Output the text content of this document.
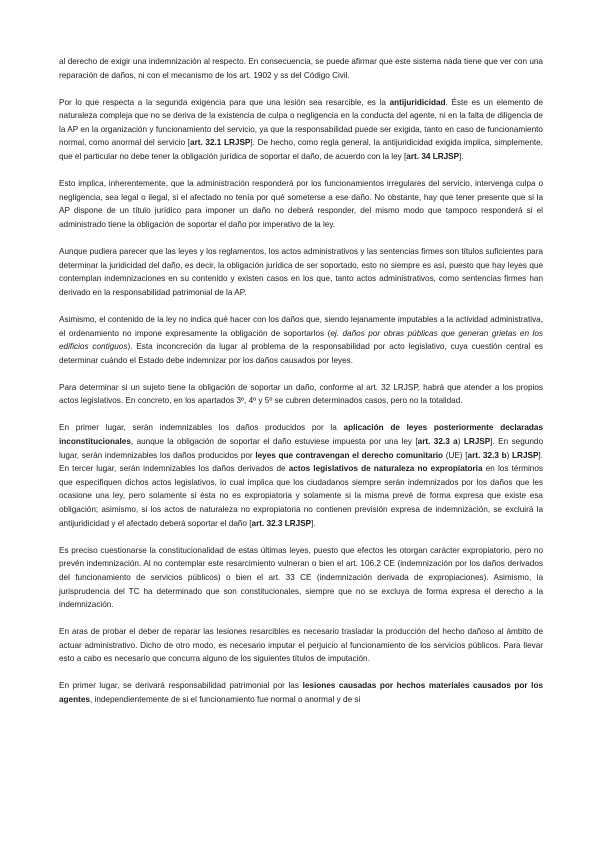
al derecho de exigir una indemnización al respecto. En consecuencia, se puede afirmar que este sistema nada tiene que ver con una reparación de daños, ni con el mecanismo de los art. 1902 y ss del Código Civil.

Por lo que respecta a la segunda exigencia para que una lesión sea resarcible, es la antijuridicidad. Éste es un elemento de naturaleza compleja que no se deriva de la existencia de culpa o negligencia en la conducta del agente, ni en la falta de diligencia de la AP en la organización y funcionamiento del servicio, ya que la responsabilidad puede ser exigida, tanto en caso de funcionamiento normal, como anormal del servicio [art. 32.1 LRJSP]. De hecho, como regla general, la antijuridicidad exigida implica, simplemente, que el particular no debe tener la obligación jurídica de soportar el daño, de acuerdo con la ley [art. 34 LRJSP].

Esto implica, inherentemente, que la administración responderá por los funcionamientos irregulares del servicio, intervenga culpa o negligencia, sea legal o ilegal, si el afectado no tenía por qué someterse a ese daño. No obstante, hay que tener presente que si la AP dispone de un título jurídico para imponer un daño no deberá responder, del mismo modo que tampoco responderá si el administrado tiene la obligación de soportar el daño por imperativo de la ley.

Aunque pudiera parecer que las leyes y los reglamentos, los actos administrativos y las sentencias firmes son títulos suficientes para determinar la juridicidad del daño, es decir, la obligación jurídica de ser soportado, esto no siempre es así, puesto que hay leyes que contemplan indemnizaciones en su contenido y existen casos en los que, tanto actos administrativos, como sentencias firmes han derivado en la responsabilidad patrimonial de la AP.

Asimismo, el contenido de la ley no indica qué hacer con los daños que, siendo lejanamente imputables a la actividad administrativa, el ordenamiento no impone expresamente la obligación de soportarlos (ej. daños por obras públicas que generan grietas en los edificios contiguos). Esta inconcreción da lugar al problema de la responsabilidad por acto legislativo, cuya cuestión central es determinar cuándo el Estado debe indemnizar por los daños causados por leyes.

Para determinar si un sujeto tiene la obligación de soportar un daño, conforme al art. 32 LRJSP, habrá que atender a los propios actos legislativos. En concreto, en los apartados 3º, 4º y 5º se cubren determinados casos, pero no la totalidad.

En primer lugar, serán indemnizables los daños producidos por la aplicación de leyes posteriormente declaradas inconstitucionales, aunque la obligación de soportar el daño estuviese impuesta por una ley [art. 32.3 a) LRJSP]. En segundo lugar, serán indemnizables los daños producidos por leyes que contravengan el derecho comunitario (UE) [art. 32.3 b) LRJSP]. En tercer lugar, serán indemnizables los daños derivados de actos legislativos de naturaleza no expropiatoria en los términos que especifiquen dichos actos legislativos, lo cual implica que los ciudadanos siempre serán indemnizados por los daños que les ocasione una ley, pero solamente si ésta no es expropiatoria y solamente si la misma prevé de forma expresa que existe esa obligación; asimismo, si los actos de naturaleza no expropiatoria no contienen previsión expresa de indemnización, se excluirá la antijuridicidad y el afectado deberá soportar el daño [art. 32.3 LRJSP].

Es preciso cuestionarse la constitucionalidad de estas últimas leyes, puesto que efectos les otorgan carácter expropiatorio, pero no prevén indemnización. Al no contemplar este resarcimiento vulneran o bien el art. 106.2 CE (indemnización por los daños derivados del funcionamiento de servicios públicos) o bien el art. 33 CE (indemnización derivada de expropiaciones). Asimismo, la jurisprudencia del TC ha determinado que son constitucionales, siempre que no se excluya de forma expresa el derecho a la indemnización.

En aras de probar el deber de reparar las lesiones resarcibles es necesario trasladar la producción del hecho dañoso al ámbito de actuar administrativo. Dicho de otro modo, es necesario imputar el perjuicio al funcionamiento de los servicios públicos. Para llevar esto a cabo es necesario que concurra alguno de los siguientes títulos de imputación.

En primer lugar, se derivará responsabilidad patrimonial por las lesiones causadas por hechos materiales causados por los agentes, independientemente de si el funcionamiento fue normal o anormal y de si
